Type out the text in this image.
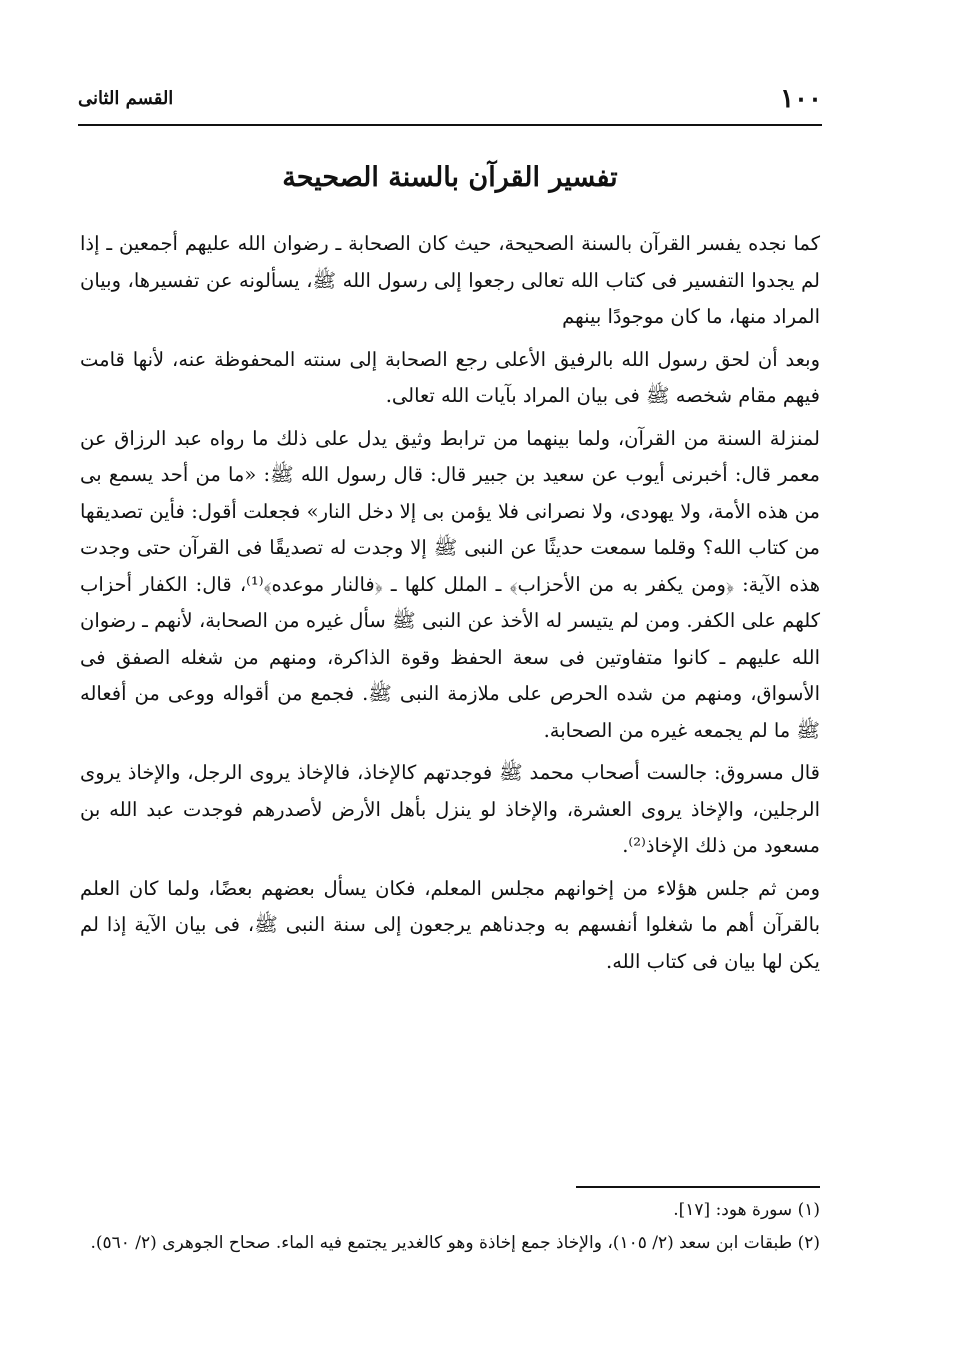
١٠٠
القسم الثانى
تفسير القرآن بالسنة الصحيحة

كما نجده يفسر القرآن بالسنة الصحيحة، حيث كان الصحابة ـ رضوان الله عليهم أجمعين ـ إذا لم يجدوا التفسير فى كتاب الله تعالى رجعوا إلى رسول الله ﷺ، يسألونه عن تفسيرها، وبيان المراد منها، ما كان موجودًا بينهم

وبعد أن لحق رسول الله بالرفيق الأعلى رجع الصحابة إلى سنته المحفوظة عنه، لأنها قامت فيهم مقام شخصه ﷺ فى بيان المراد بآيات الله تعالى.

لمنزلة السنة من القرآن، ولما بينهما من ترابط وثيق يدل على ذلك ما رواه عبد الرزاق عن معمر قال: أخبرنى أيوب عن سعيد بن جبير قال: قال رسول الله ﷺ: «ما من أحد يسمع بى من هذه الأمة، ولا يهودى، ولا نصرانى فلا يؤمن بى إلا دخل النار» فجعلت أقول: فأين تصديقها من كتاب الله؟ وقلما سمعت حديثًا عن النبى ﷺ إلا وجدت له تصديقًا فى القرآن حتى وجدت هذه الآية: ﴿ومن يكفر به من الأحزاب﴾ ـ الملل كلها ـ ﴿فالنار موعده﴾⁽¹⁾، قال: الكفار أحزاب كلهم على الكفر. ومن لم يتيسر له الأخذ عن النبى ﷺ سأل غيره من الصحابة، لأنهم ـ رضوان الله عليهم ـ كانوا متفاوتين فى سعة الحفظ وقوة الذاكرة، ومنهم من شغله الصفق فى الأسواق، ومنهم من شده الحرص على ملازمة النبى ﷺ. فجمع من أقواله ووعى من أفعاله ﷺ ما لم يجمعه غيره من الصحابة.

قال مسروق: جالست أصحاب محمد ﷺ فوجدتهم كالإخاذ، فالإخاذ يروى الرجل، والإخاذ يروى الرجلين، والإخاذ يروى العشرة، والإخاذ لو ينزل بأهل الأرض لأصدرهم فوجدت عبد الله بن مسعود من ذلك الإخاذ⁽²⁾.

ومن ثم جلس هؤلاء من إخوانهم مجلس المعلم، فكان يسأل بعضهم بعضًا، ولما كان العلم بالقرآن أهم ما شغلوا أنفسهم به وجدناهم يرجعون إلى سنة النبى ﷺ، فى بيان الآية إذا لم يكن لها بيان فى كتاب الله.

(١) سورة هود: [١٧].

(٢) طبقات ابن سعد (٢/ ١٠٥)، والإخاذ جمع إخاذة وهو كالغدير يجتمع فيه الماء. صحاح الجوهرى (٢/ ٥٦٠).
